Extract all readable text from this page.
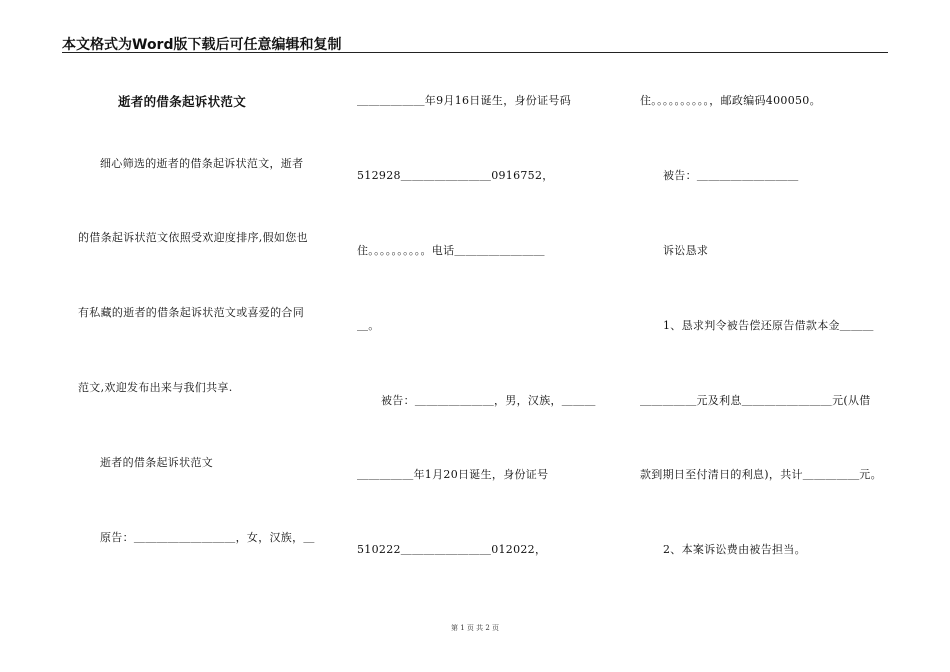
本文格式为Word版下载后可任意编辑和复制
逝者的借条起诉状范文
细心筛选的逝者的借条起诉状范文，逝者
的借条起诉状范文依照受欢迎度排序,假如您也
有私藏的逝者的借条起诉状范文或喜爱的合同
范文,欢迎发布出来与我们共享.
逝者的借条起诉状范文
原告：＿＿＿＿＿＿＿＿＿，女，汉族，＿
＿＿＿＿＿＿年9月16日诞生，身份证号码
512928＿＿＿＿＿＿＿＿0916752，
住。。。。。。。。。。电话＿＿＿＿＿＿＿＿
＿。
被告：＿＿＿＿＿＿＿，男，汉族，＿＿＿
＿＿＿＿＿年1月20日诞生，身份证号
510222＿＿＿＿＿＿＿＿012022，
住。。。。。。。。。。，邮政编码400050。
被告：＿＿＿＿＿＿＿＿＿
诉讼恳求
1、恳求判令被告偿还原告借款本金＿＿＿
＿＿＿＿＿元及利息＿＿＿＿＿＿＿＿元(从借
款到期日至付清日的利息)，共计＿＿＿＿＿元。
2、本案诉讼费由被告担当。
第 1 页 共 2 页
